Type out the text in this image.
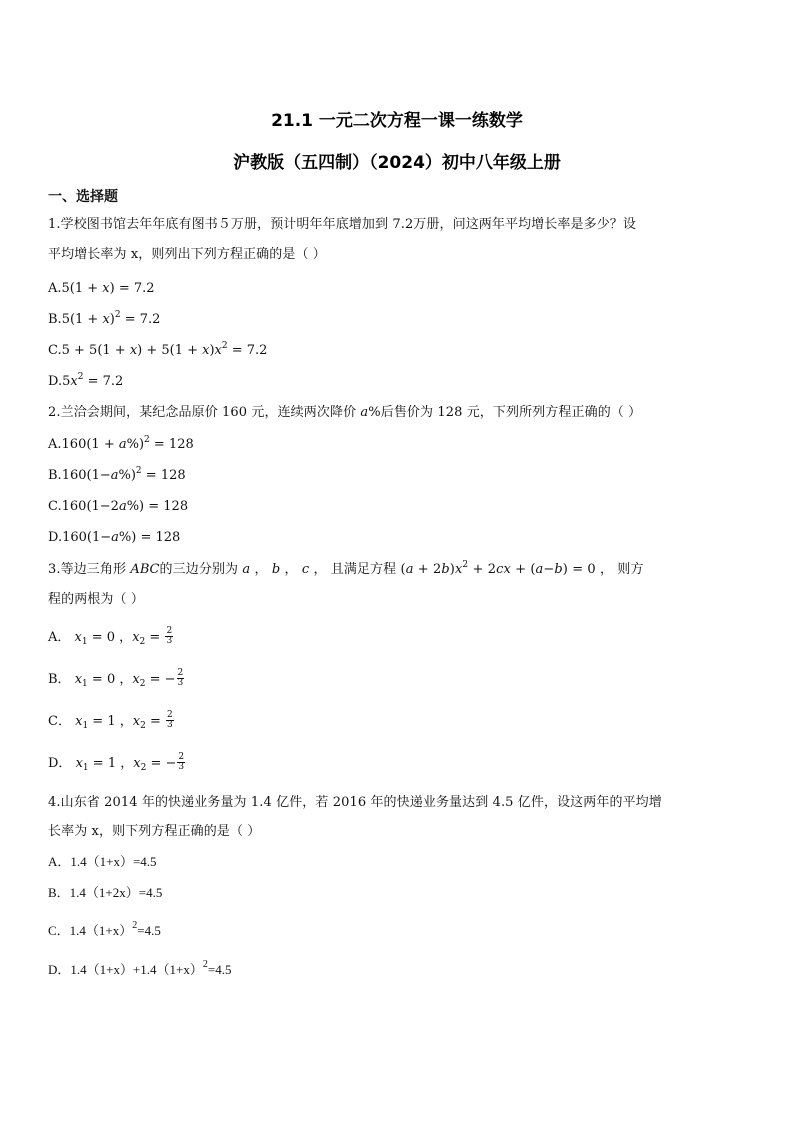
21.1 一元二次方程一课一练数学
沪教版（五四制）（2024）初中八年级上册
一、选择题
1.学校图书馆去年年底有图书５万册，预计明年年底增加到 7.2万册，问这两年平均增长率是多少？设
平均增长率为 x，则列出下列方程正确的是（ ）
A.5(1 + 𝑥) = 7.2
B.5(1 + 𝑥)$^2$ = 7.2
C.5 + 5(1 + 𝑥) + 5(1 + 𝑥)𝑥$^2$ = 7.2
D.5𝑥$^2$ = 7.2
2.兰洽会期间，某纪念品原价 160 元，连续两次降价 𝑎%后售价为 128 元，下列所列方程正确的（ ）
A.160(1 + 𝑎%)$^2$ = 128
B.160(1−𝑎%)$^2$ = 128
C.160(1−2𝑎%) = 128
D.160(1−𝑎%) = 128
3.等边三角形 𝐴𝐵𝐶的三边分别为 𝑎 ， 𝑏 ， 𝑐 ， 且满足方程 (𝑎 + 2𝑏)𝑥$^2$ + 2𝑐𝑥 + (𝑎−𝑏) = 0 ， 则方
程的两根为（ ）
A． 𝑥$_1$ = 0 ，𝑥$_2$ = $\frac{2}{3}$
B． 𝑥$_1$ = 0 ，𝑥$_2$ = − $\frac{2}{3}$
C． 𝑥$_1$ = 1 ，𝑥$_2$ = $\frac{2}{3}$
D． 𝑥$_1$ = 1 ，𝑥$_2$ = − $\frac{2}{3}$
4.山东省 2014 年的快递业务量为 1.4 亿件，若 2016 年的快递业务量达到 4.5 亿件，设这两年的平均增
长率为 x，则下列方程正确的是（ ）
A．1.4（1+x）=4.5
B．1.4（1+2x）=4.5
C．$1.4(1+x)^2=4.5$
D．$1.4(1+x)+1.4(1+x)^2=4.5$
